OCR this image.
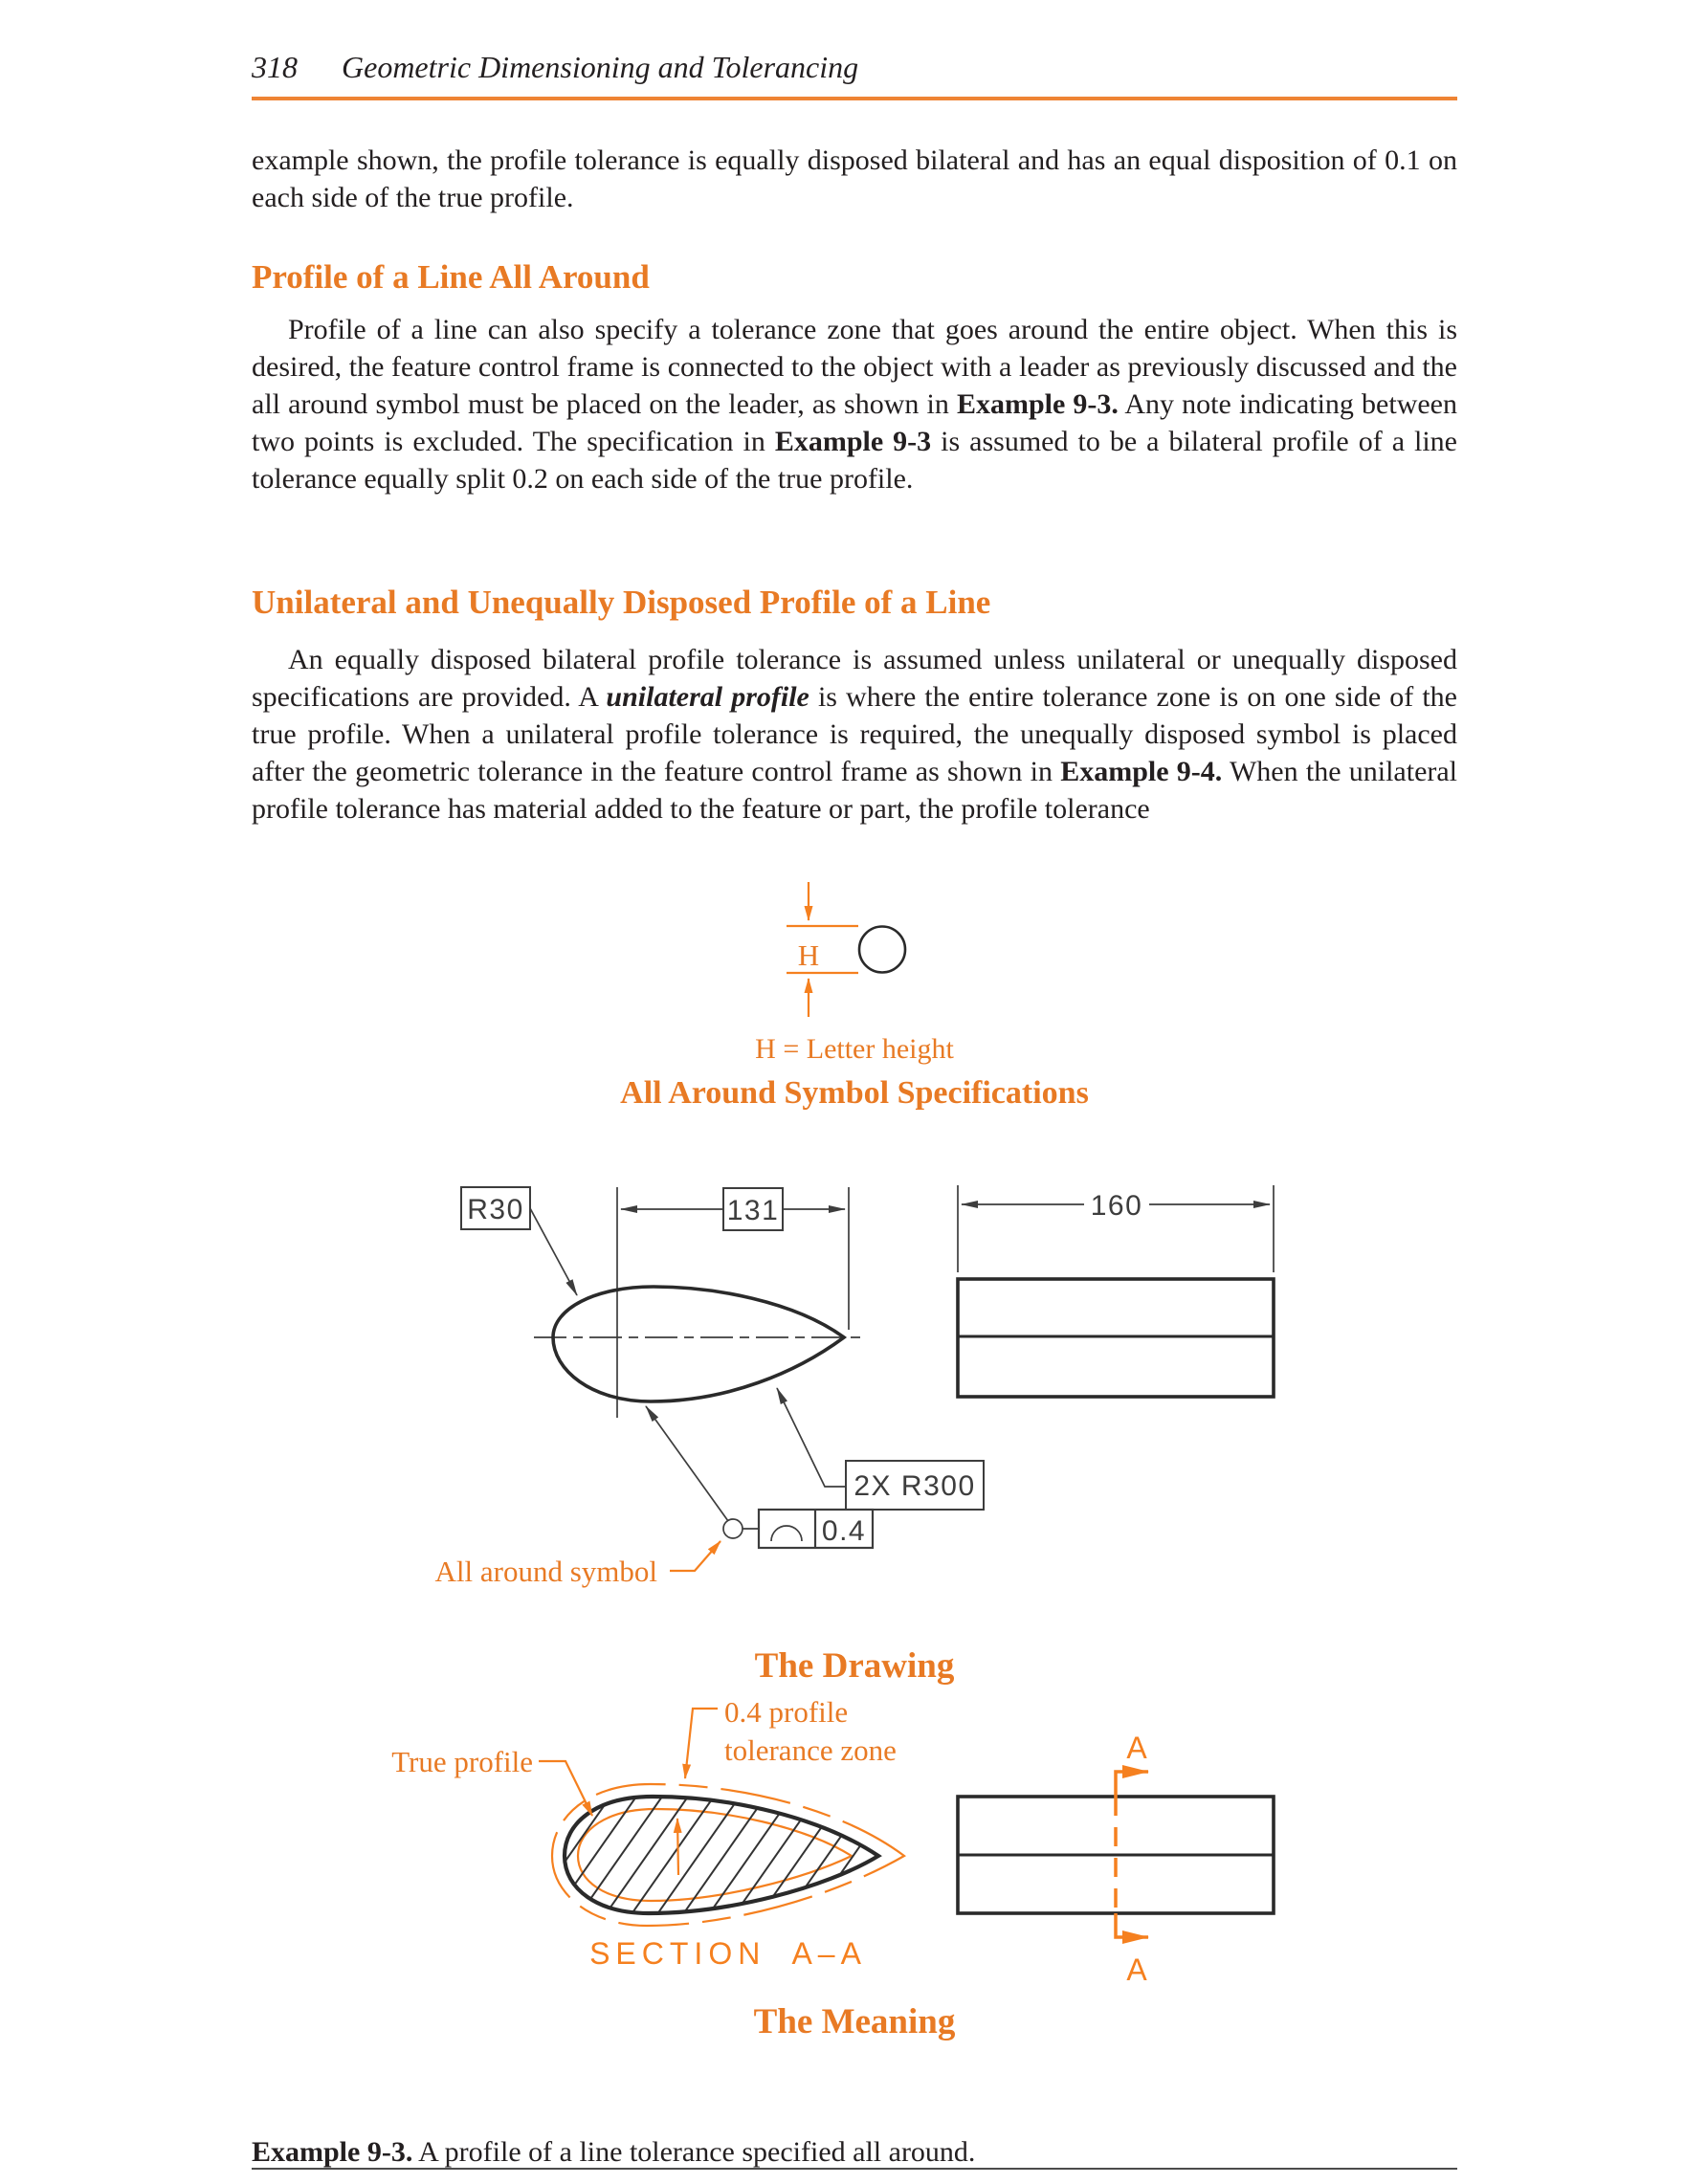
318 Geometric Dimensioning and Tolerancing

example shown, the profile tolerance is equally disposed bilateral and has an equal disposition of 0.1 on each side of the true profile.

Profile of a Line All Around

Profile of a line can also specify a tolerance zone that goes around the entire object. When this is desired, the feature control frame is connected to the object with a leader as previously discussed and the all around symbol must be placed on the leader, as shown in Example 9-3. Any note indicating between two points is excluded. The specification in Example 9-3 is assumed to be a bilateral profile of a line tolerance equally split 0.2 on each side of the true profile.

Unilateral and Unequally Disposed Profile of a Line

An equally disposed bilateral profile tolerance is assumed unless unilateral or unequally disposed specifications are provided. A unilateral profile is where the entire tolerance zone is on one side of the true profile. When a unilateral profile tolerance is required, the unequally disposed symbol is placed after the geometric tolerance in the feature control frame as shown in Example 9-4. When the unilateral profile tolerance has material added to the feature or part, the profile tolerance

H
H = Letter height
All Around Symbol Specifications
131
R30
2X R300
0.4
All around symbol
160
The Drawing
True profile
0.4 profile
tolerance zone
SECTION A–A
A
A
The Meaning

Example 9-3. A profile of a line tolerance specified all around.
